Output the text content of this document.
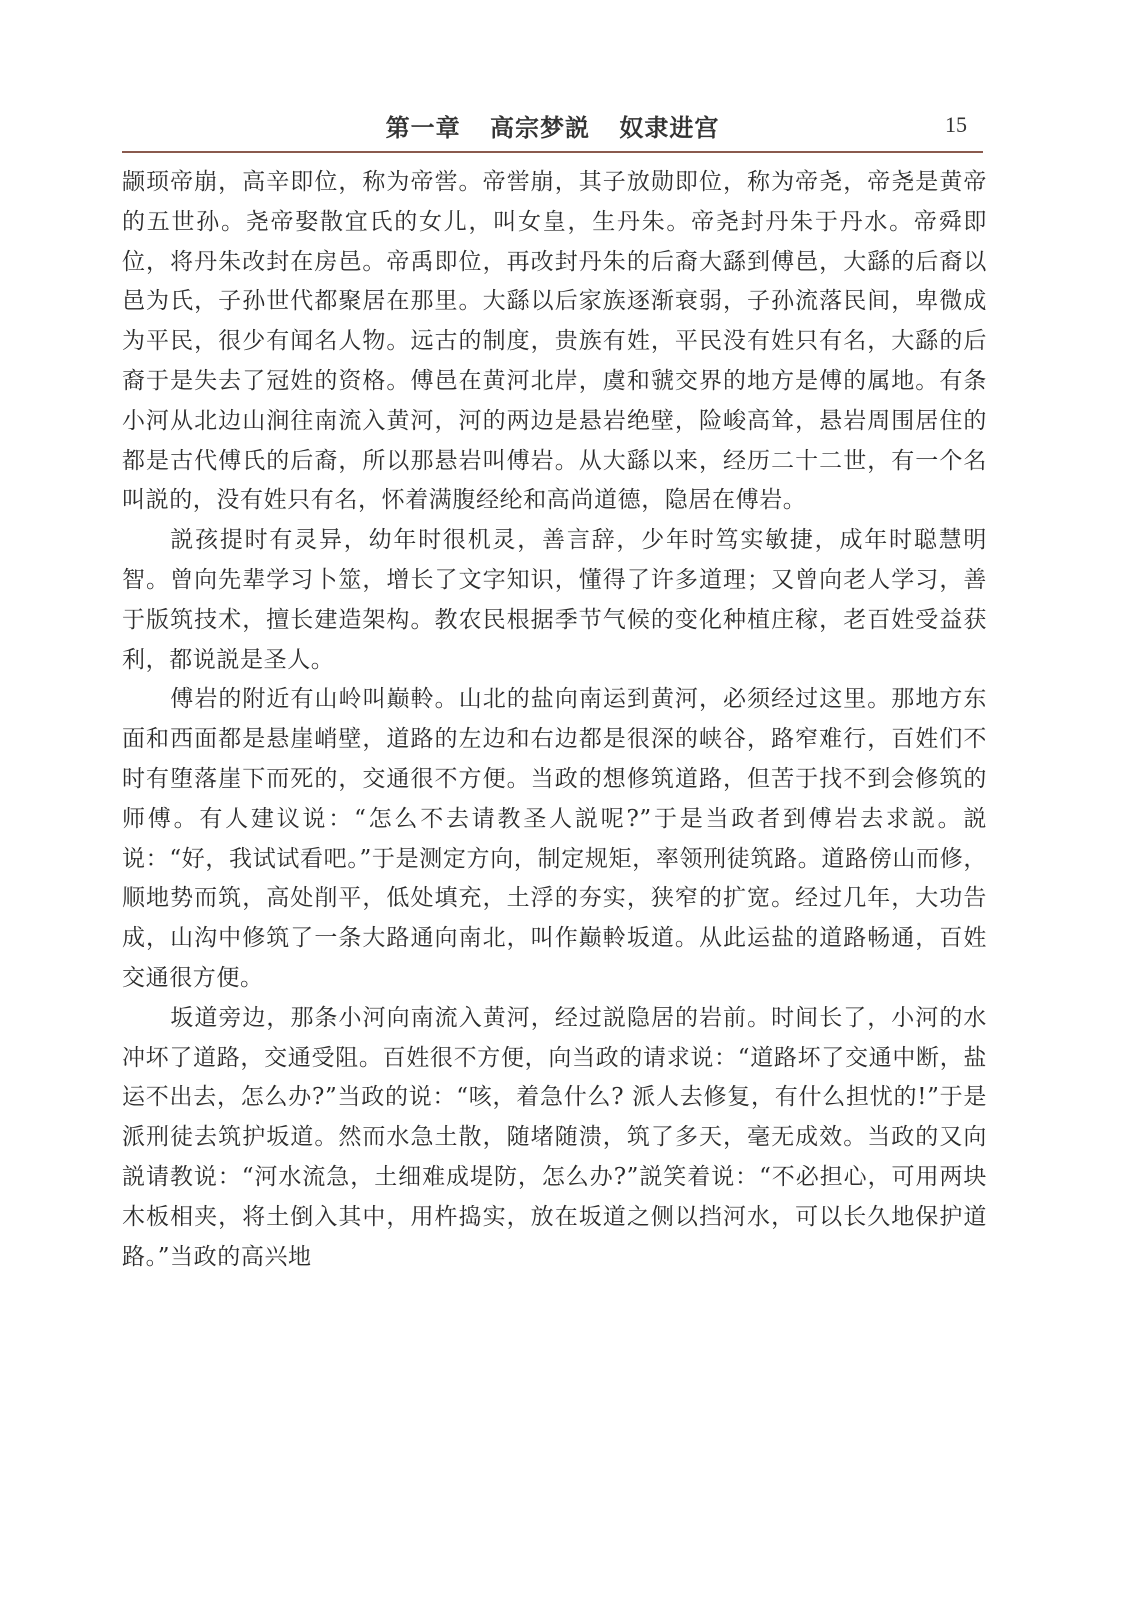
第一章 高宗梦説 奴隶进宫	15

颛顼帝崩，高辛即位，称为帝喾。帝喾崩，其子放勋即位，称为帝尧，帝尧是黄帝的五世孙。尧帝娶散宜氏的女儿，叫女皇，生丹朱。帝尧封丹朱于丹水。帝舜即位，将丹朱改封在房邑。帝禹即位，再改封丹朱的后裔大繇到傅邑，大繇的后裔以邑为氏，子孙世代都聚居在那里。大繇以后家族逐渐衰弱，子孙流落民间，卑微成为平民，很少有闻名人物。远古的制度，贵族有姓，平民没有姓只有名，大繇的后裔于是失去了冠姓的资格。傅邑在黄河北岸，虞和虢交界的地方是傅的属地。有条小河从北边山涧往南流入黄河，河的两边是悬岩绝壁，险峻高耸，悬岩周围居住的都是古代傅氏的后裔，所以那悬岩叫傅岩。从大繇以来，经历二十二世，有一个名叫説的，没有姓只有名，怀着满腹经纶和高尚道德，隐居在傅岩。

説孩提时有灵异，幼年时很机灵，善言辞，少年时笃实敏捷，成年时聪慧明智。曾向先辈学习卜筮，增长了文字知识，懂得了许多道理；又曾向老人学习，善于版筑技术，擅长建造架构。教农民根据季节气候的变化种植庄稼，老百姓受益获利，都说説是圣人。

傅岩的附近有山岭叫巅軨。山北的盐向南运到黄河，必须经过这里。那地方东面和西面都是悬崖峭壁，道路的左边和右边都是很深的峡谷，路窄难行，百姓们不时有堕落崖下而死的，交通很不方便。当政的想修筑道路，但苦于找不到会修筑的师傅。有人建议说：“怎么不去请教圣人説呢?”于是当政者到傅岩去求説。説说：“好，我试试看吧。”于是测定方向，制定规矩，率领刑徒筑路。道路傍山而修，顺地势而筑，高处削平，低处填充，土浮的夯实，狭窄的扩宽。经过几年，大功告成，山沟中修筑了一条大路通向南北，叫作巅軨坂道。从此运盐的道路畅通，百姓交通很方便。

坂道旁边，那条小河向南流入黄河，经过説隐居的岩前。时间长了，小河的水冲坏了道路，交通受阻。百姓很不方便，向当政的请求说：“道路坏了交通中断，盐运不出去，怎么办?”当政的说：“咳，着急什么? 派人去修复，有什么担忧的!”于是派刑徒去筑护坂道。然而水急土散，随堵随溃，筑了多天，毫无成效。当政的又向説请教说：“河水流急，土细难成堤防，怎么办?”説笑着说：“不必担心，可用两块木板相夹，将土倒入其中，用杵捣实，放在坂道之侧以挡河水，可以长久地保护道路。”当政的高兴地
